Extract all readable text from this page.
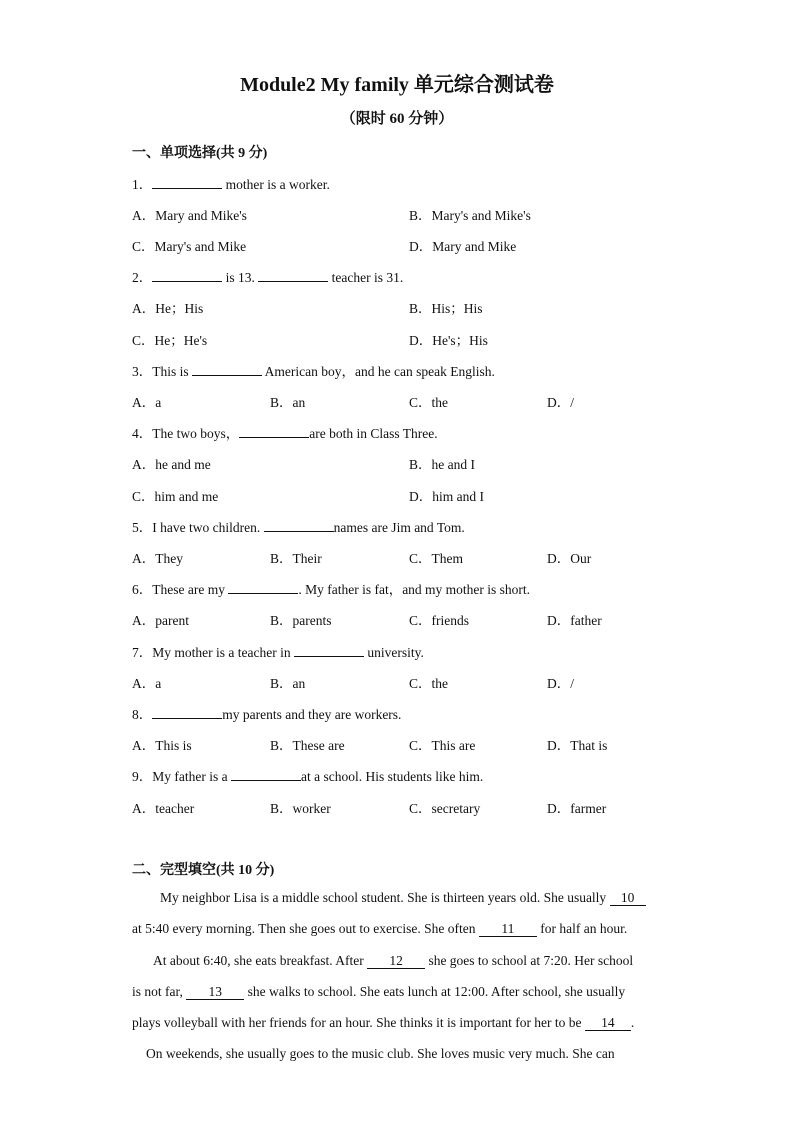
Module2 My family 单元综合测试卷
（限时 60 分钟）
一、单项选择(共 9 分)
1．	mother is a worker.
A．Mary and Mike's	B．Mary's and Mike's
C．Mary's and Mike	D．Mary and Mike
2．	is 13.	teacher is 31.
A．He；His	B．His；His
C．He；He's	D．He's；His
3．This is	American boy，and he can speak English.
A．a	B．an	C．the	D．/
4．The two boys，	are both in Class Three.
A．he and me	B．he and I
C．him and me	D．him and I
5．I have two children.	names are Jim and Tom.
A．They	B．Their	C．Them	D．Our
6．These are my	. My father is fat，and my mother is short.
A．parent	B．parents	C．friends	D．father
7．My mother is a teacher in	university.
A．a	B．an	C．the	D．/
8．	my parents and they are workers.
A．This is	B．These are	C．This are	D．That is
9．My father is a	at a school. His students like him.
A．teacher	B．worker	C．secretary	D．farmer
二、完型填空(共 10 分)
My neighbor Lisa is a middle school student. She is thirteen years old. She usually 10
at 5:40 every morning. Then she goes out to exercise. She often 11 for half an hour.
At about 6:40, she eats breakfast. After 12 she goes to school at 7:20. Her school
is not far, 13 she walks to school. She eats lunch at 12:00. After school, she usually
plays volleyball with her friends for an hour. She thinks it is important for her to be 14 .
On weekends, she usually goes to the music club. She loves music very much. She can
